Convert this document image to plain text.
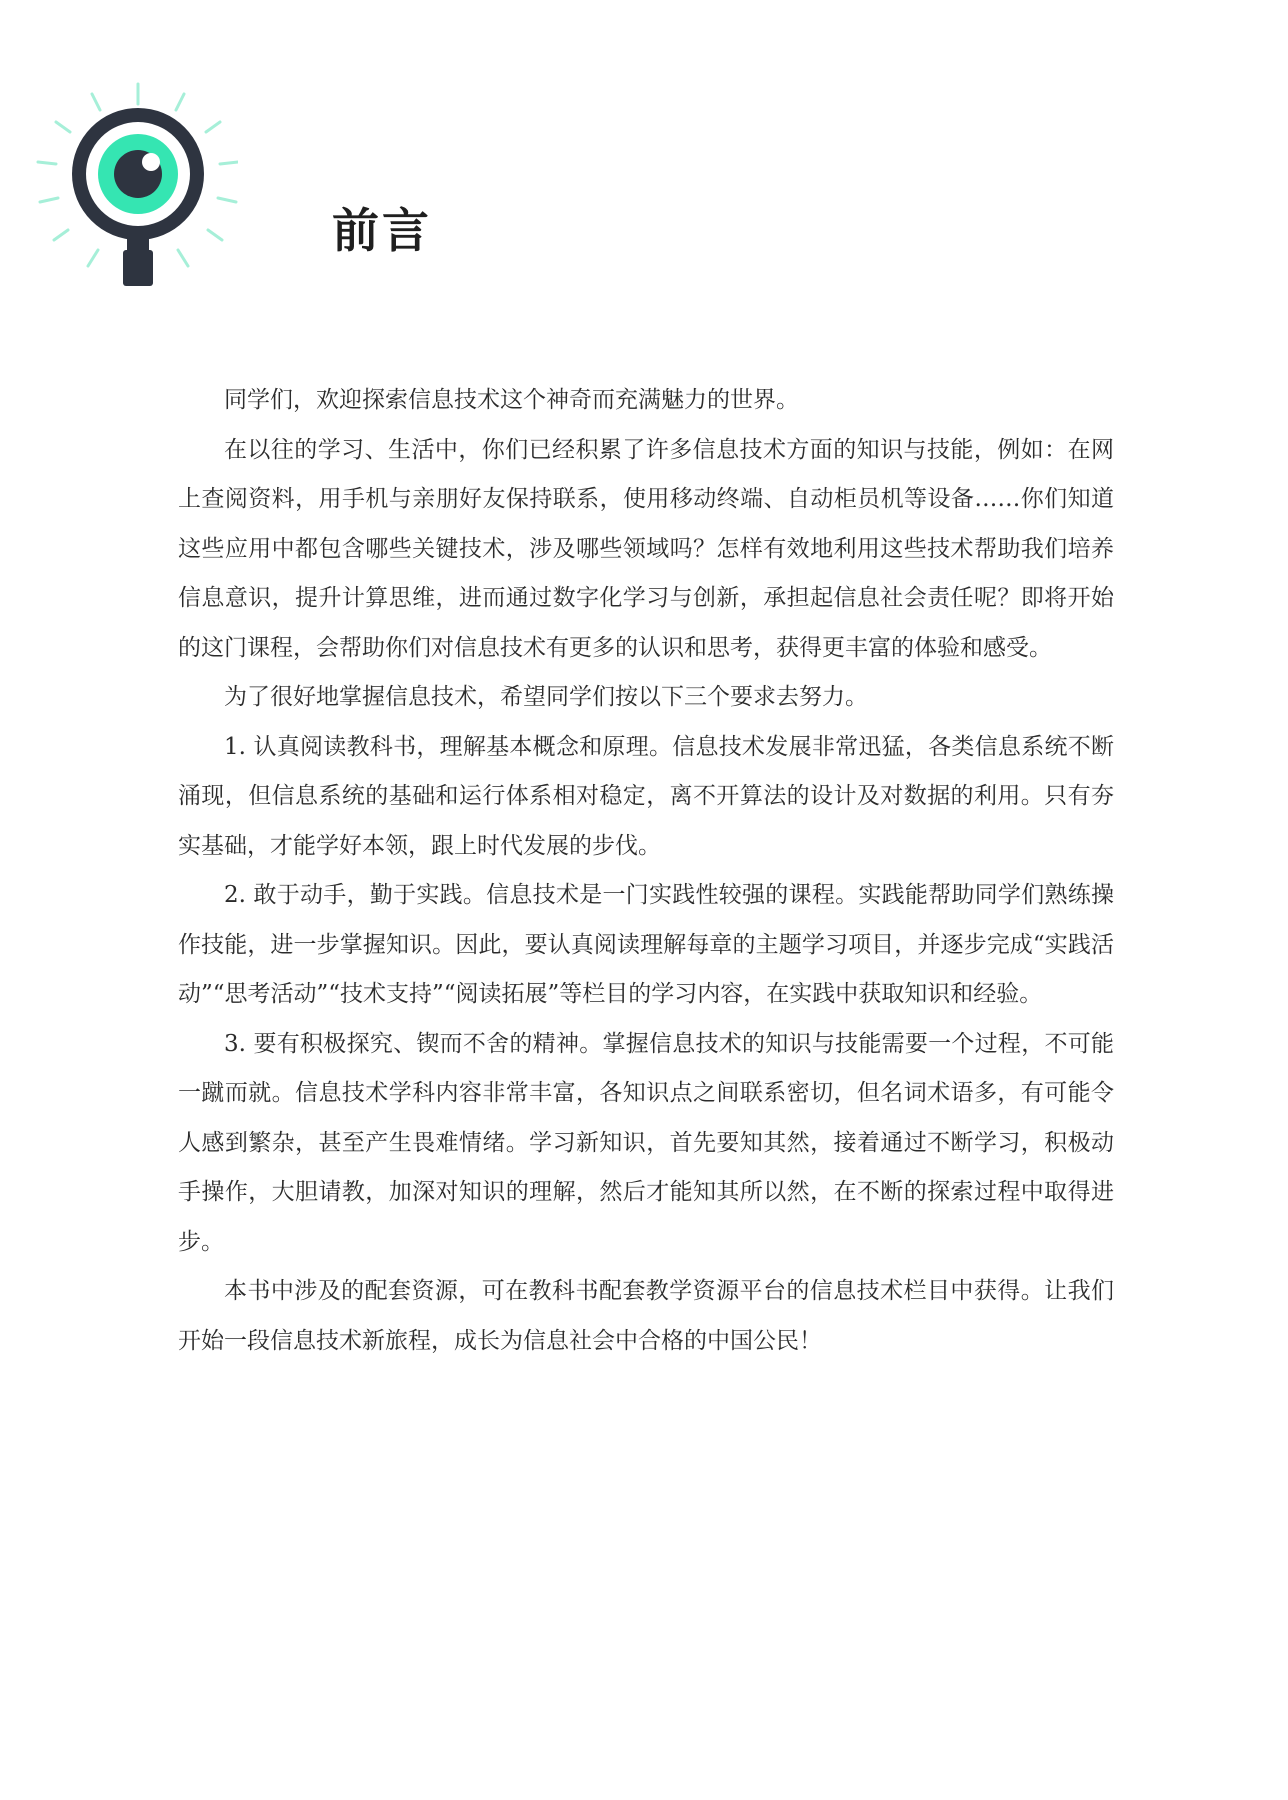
前言

同学们，欢迎探索信息技术这个神奇而充满魅力的世界。

在以往的学习、生活中，你们已经积累了许多信息技术方面的知识与技能，例如：在网上查阅资料，用手机与亲朋好友保持联系，使用移动终端、自动柜员机等设备……你们知道这些应用中都包含哪些关键技术，涉及哪些领域吗？怎样有效地利用这些技术帮助我们培养信息意识，提升计算思维，进而通过数字化学习与创新，承担起信息社会责任呢？即将开始的这门课程，会帮助你们对信息技术有更多的认识和思考，获得更丰富的体验和感受。

为了很好地掌握信息技术，希望同学们按以下三个要求去努力。

1. 认真阅读教科书，理解基本概念和原理。信息技术发展非常迅猛，各类信息系统不断涌现，但信息系统的基础和运行体系相对稳定，离不开算法的设计及对数据的利用。只有夯实基础，才能学好本领，跟上时代发展的步伐。

2. 敢于动手，勤于实践。信息技术是一门实践性较强的课程。实践能帮助同学们熟练操作技能，进一步掌握知识。因此，要认真阅读理解每章的主题学习项目，并逐步完成“实践活动”“思考活动”“技术支持”“阅读拓展”等栏目的学习内容，在实践中获取知识和经验。

3. 要有积极探究、锲而不舍的精神。掌握信息技术的知识与技能需要一个过程，不可能一蹴而就。信息技术学科内容非常丰富，各知识点之间联系密切，但名词术语多，有可能令人感到繁杂，甚至产生畏难情绪。学习新知识，首先要知其然，接着通过不断学习，积极动手操作，大胆请教，加深对知识的理解，然后才能知其所以然，在不断的探索过程中取得进步。

本书中涉及的配套资源，可在教科书配套教学资源平台的信息技术栏目中获得。让我们开始一段信息技术新旅程，成长为信息社会中合格的中国公民！
